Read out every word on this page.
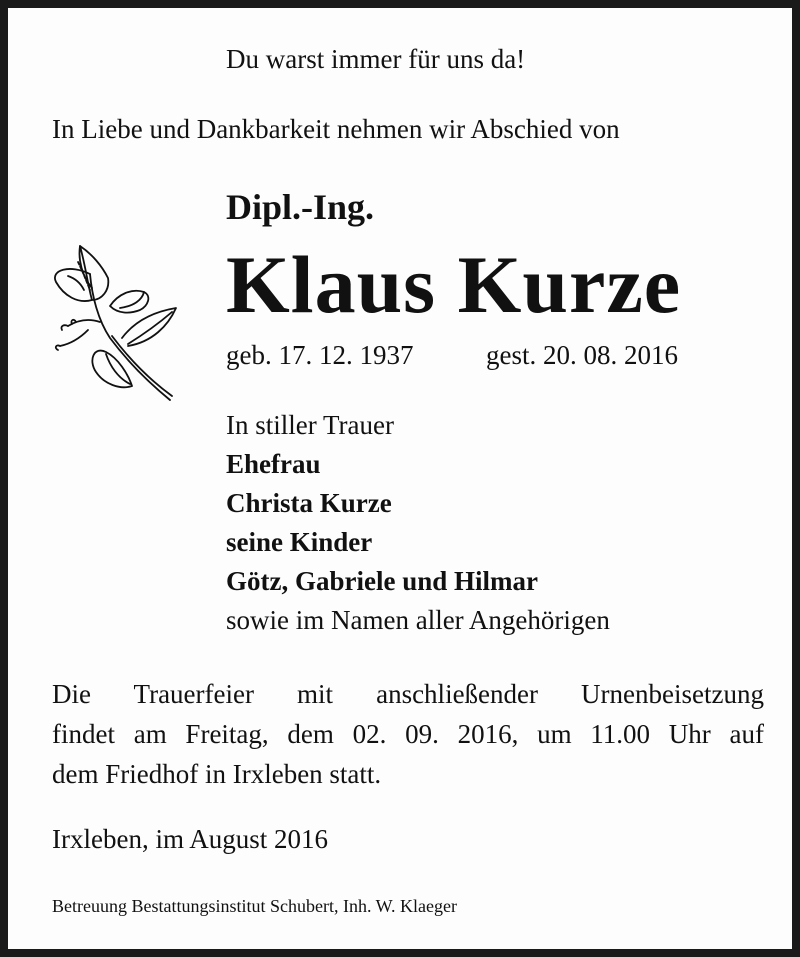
Du warst immer für uns da!
In Liebe und Dankbarkeit nehmen wir Abschied von
Dipl.-Ing.
Klaus Kurze
geb. 17. 12. 1937	gest. 20. 08. 2016
In stiller Trauer
Ehefrau
Christa Kurze
seine Kinder
Götz, Gabriele und Hilmar
sowie im Namen aller Angehörigen
Die Trauerfeier mit anschließender Urnenbeisetzung
findet am Freitag, dem 02. 09. 2016, um 11.00 Uhr auf
dem Friedhof in Irxleben statt.
Irxleben, im August 2016
Betreuung Bestattungsinstitut Schubert, Inh. W. Klaeger
